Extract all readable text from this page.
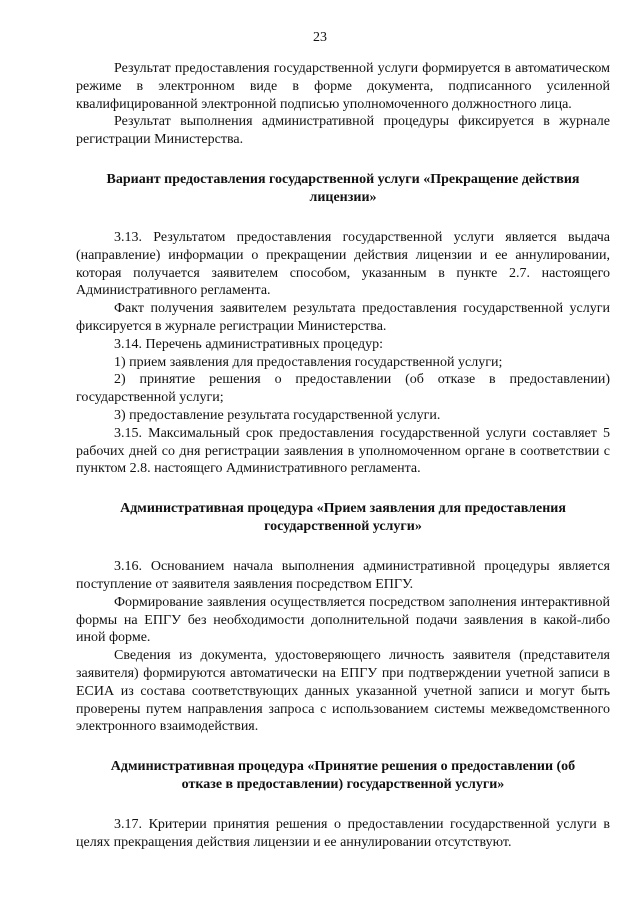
23

Результат предоставления государственной услуги формируется в автоматическом режиме в электронном виде в форме документа, подписанного усиленной квалифицированной электронной подписью уполномоченного должностного лица.

Результат выполнения административной процедуры фиксируется в журнале регистрации Министерства.

Вариант предоставления государственной услуги «Прекращение действия лицензии»

3.13. Результатом предоставления государственной услуги является выдача (направление) информации о прекращении действия лицензии и ее аннулировании, которая получается заявителем способом, указанным в пункте 2.7. настоящего Административного регламента.

Факт получения заявителем результата предоставления государственной услуги фиксируется в журнале регистрации Министерства.

3.14. Перечень административных процедур:

1) прием заявления для предоставления государственной услуги;

2) принятие решения о предоставлении (об отказе в предоставлении) государственной услуги;

3) предоставление результата государственной услуги.

3.15. Максимальный срок предоставления государственной услуги составляет 5 рабочих дней со дня регистрации заявления в уполномоченном органе в соответствии с пунктом 2.8. настоящего Административного регламента.

Административная процедура «Прием заявления для предоставления государственной услуги»

3.16. Основанием начала выполнения административной процедуры является поступление от заявителя заявления посредством ЕПГУ.

Формирование заявления осуществляется посредством заполнения интерактивной формы на ЕПГУ без необходимости дополнительной подачи заявления в какой-либо иной форме.

Сведения из документа, удостоверяющего личность заявителя (представителя заявителя) формируются автоматически на ЕПГУ при подтверждении учетной записи в ЕСИА из состава соответствующих данных указанной учетной записи и могут быть проверены путем направления запроса с использованием системы межведомственного электронного взаимодействия.

Административная процедура «Принятие решения о предоставлении (об отказе в предоставлении) государственной услуги»

3.17. Критерии принятия решения о предоставлении государственной услуги в целях прекращения действия лицензии и ее аннулировании отсутствуют.
